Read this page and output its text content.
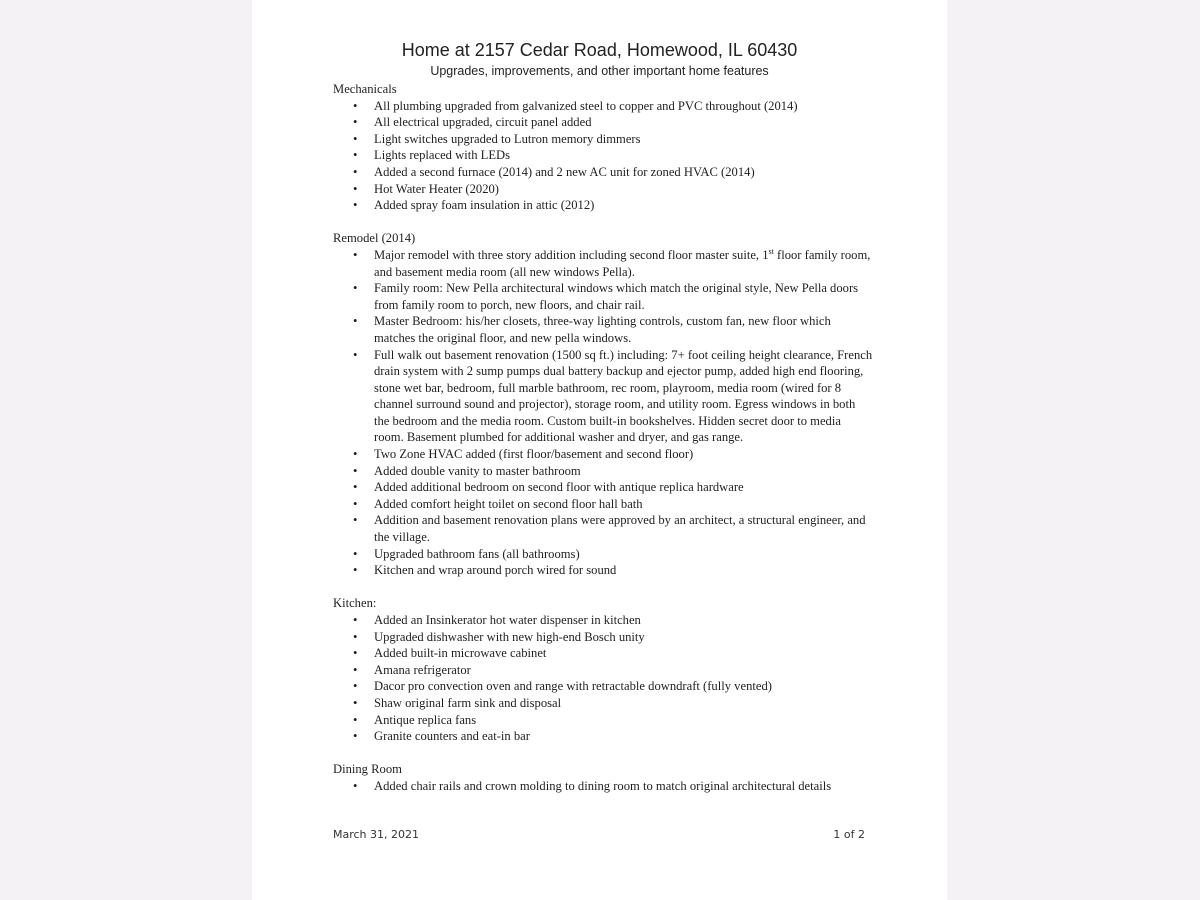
Home at 2157 Cedar Road, Homewood, IL 60430
Upgrades, improvements, and other important home features
Mechanicals
• All plumbing upgraded from galvanized steel to copper and PVC throughout (2014)
• All electrical upgraded, circuit panel added
• Light switches upgraded to Lutron memory dimmers
• Lights replaced with LEDs
• Added a second furnace (2014) and 2 new AC unit for zoned HVAC (2014)
• Hot Water Heater (2020)
• Added spray foam insulation in attic (2012)
Remodel (2014)
• Major remodel with three story addition including second floor master suite, 1st floor family room, and basement media room (all new windows Pella).
• Family room: New Pella architectural windows which match the original style, New Pella doors from family room to porch, new floors, and chair rail.
• Master Bedroom: his/her closets, three-way lighting controls, custom fan, new floor which matches the original floor, and new pella windows.
• Full walk out basement renovation (1500 sq ft.) including: 7+ foot ceiling height clearance, French drain system with 2 sump pumps dual battery backup and ejector pump, added high end flooring, stone wet bar, bedroom, full marble bathroom, rec room, playroom, media room (wired for 8 channel surround sound and projector), storage room, and utility room. Egress windows in both the bedroom and the media room. Custom built-in bookshelves. Hidden secret door to media room. Basement plumbed for additional washer and dryer, and gas range.
• Two Zone HVAC added (first floor/basement and second floor)
• Added double vanity to master bathroom
• Added additional bedroom on second floor with antique replica hardware
• Added comfort height toilet on second floor hall bath
• Addition and basement renovation plans were approved by an architect, a structural engineer, and the village.
• Upgraded bathroom fans (all bathrooms)
• Kitchen and wrap around porch wired for sound
Kitchen:
• Added an Insinkerator hot water dispenser in kitchen
• Upgraded dishwasher with new high-end Bosch unity
• Added built-in microwave cabinet
• Amana refrigerator
• Dacor pro convection oven and range with retractable downdraft (fully vented)
• Shaw original farm sink and disposal
• Antique replica fans
• Granite counters and eat-in bar
Dining Room
• Added chair rails and crown molding to dining room to match original architectural details
March 31, 2021	1 of 2
